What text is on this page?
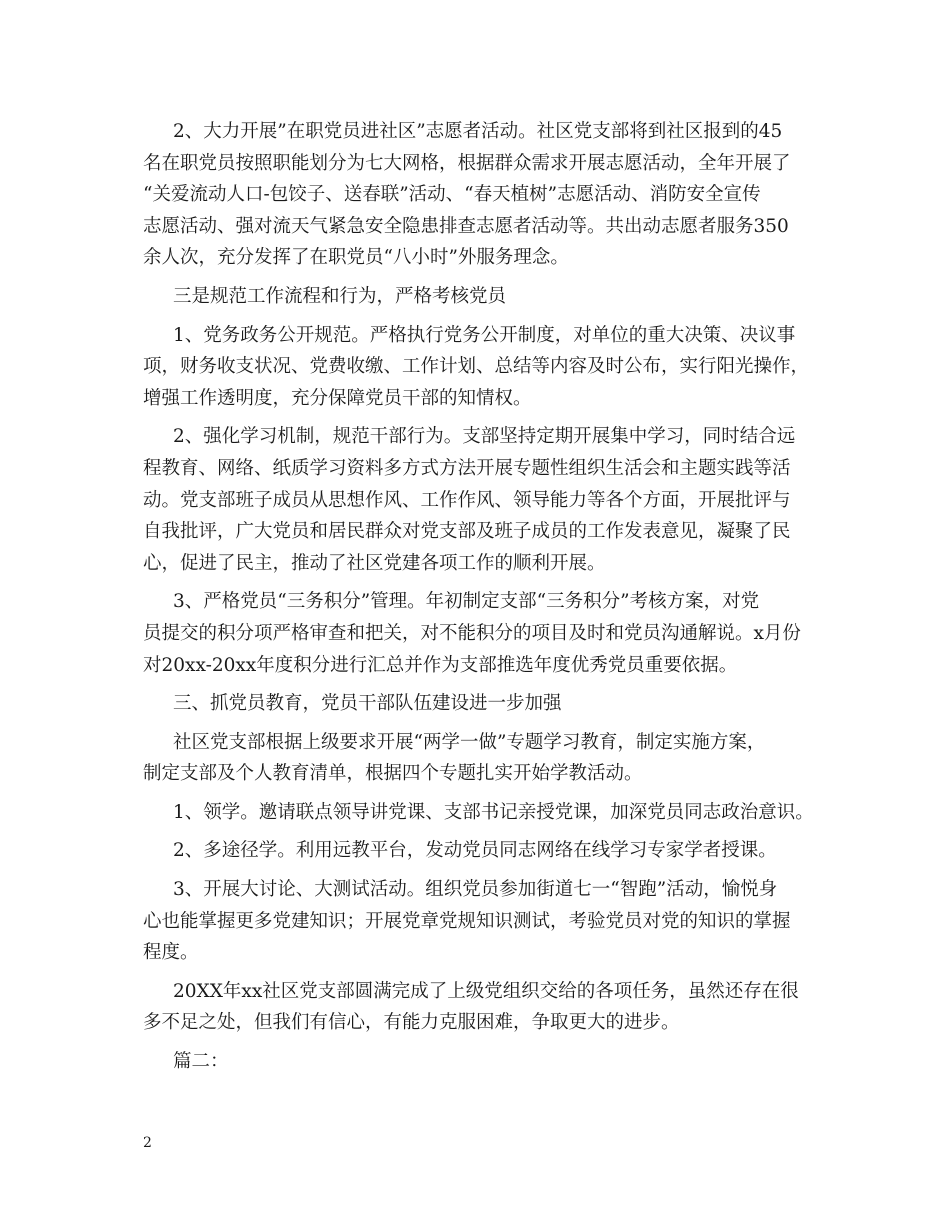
2、大力开展”在职党员进社区”志愿者活动。社区党支部将到社区报到的45
名在职党员按照职能划分为七大网格，根据群众需求开展志愿活动，全年开展了
“关爱流动人口-包饺子、送春联”活动、“春天植树”志愿活动、消防安全宣传
志愿活动、强对流天气紧急安全隐患排查志愿者活动等。共出动志愿者服务350
余人次，充分发挥了在职党员“八小时”外服务理念。

三是规范工作流程和行为，严格考核党员

1、党务政务公开规范。严格执行党务公开制度，对单位的重大决策、决议事
项，财务收支状况、党费收缴、工作计划、总结等内容及时公布，实行阳光操作，
增强工作透明度，充分保障党员干部的知情权。

2、强化学习机制，规范干部行为。支部坚持定期开展集中学习，同时结合远
程教育、网络、纸质学习资料多方式方法开展专题性组织生活会和主题实践等活
动。党支部班子成员从思想作风、工作作风、领导能力等各个方面，开展批评与
自我批评，广大党员和居民群众对党支部及班子成员的工作发表意见，凝聚了民
心，促进了民主，推动了社区党建各项工作的顺利开展。

3、严格党员“三务积分”管理。年初制定支部“三务积分”考核方案，对党
员提交的积分项严格审查和把关，对不能积分的项目及时和党员沟通解说。x月份
对20xx-20xx年度积分进行汇总并作为支部推选年度优秀党员重要依据。

三、抓党员教育，党员干部队伍建设进一步加强

社区党支部根据上级要求开展“两学一做”专题学习教育，制定实施方案，
制定支部及个人教育清单，根据四个专题扎实开始学教活动。

1、领学。邀请联点领导讲党课、支部书记亲授党课，加深党员同志政治意识。

2、多途径学。利用远教平台，发动党员同志网络在线学习专家学者授课。

3、开展大讨论、大测试活动。组织党员参加街道七一“智跑”活动，愉悦身
心也能掌握更多党建知识；开展党章党规知识测试，考验党员对党的知识的掌握
程度。

20XX年xx社区党支部圆满完成了上级党组织交给的各项任务，虽然还存在很
多不足之处，但我们有信心，有能力克服困难，争取更大的进步。

篇二：

2
